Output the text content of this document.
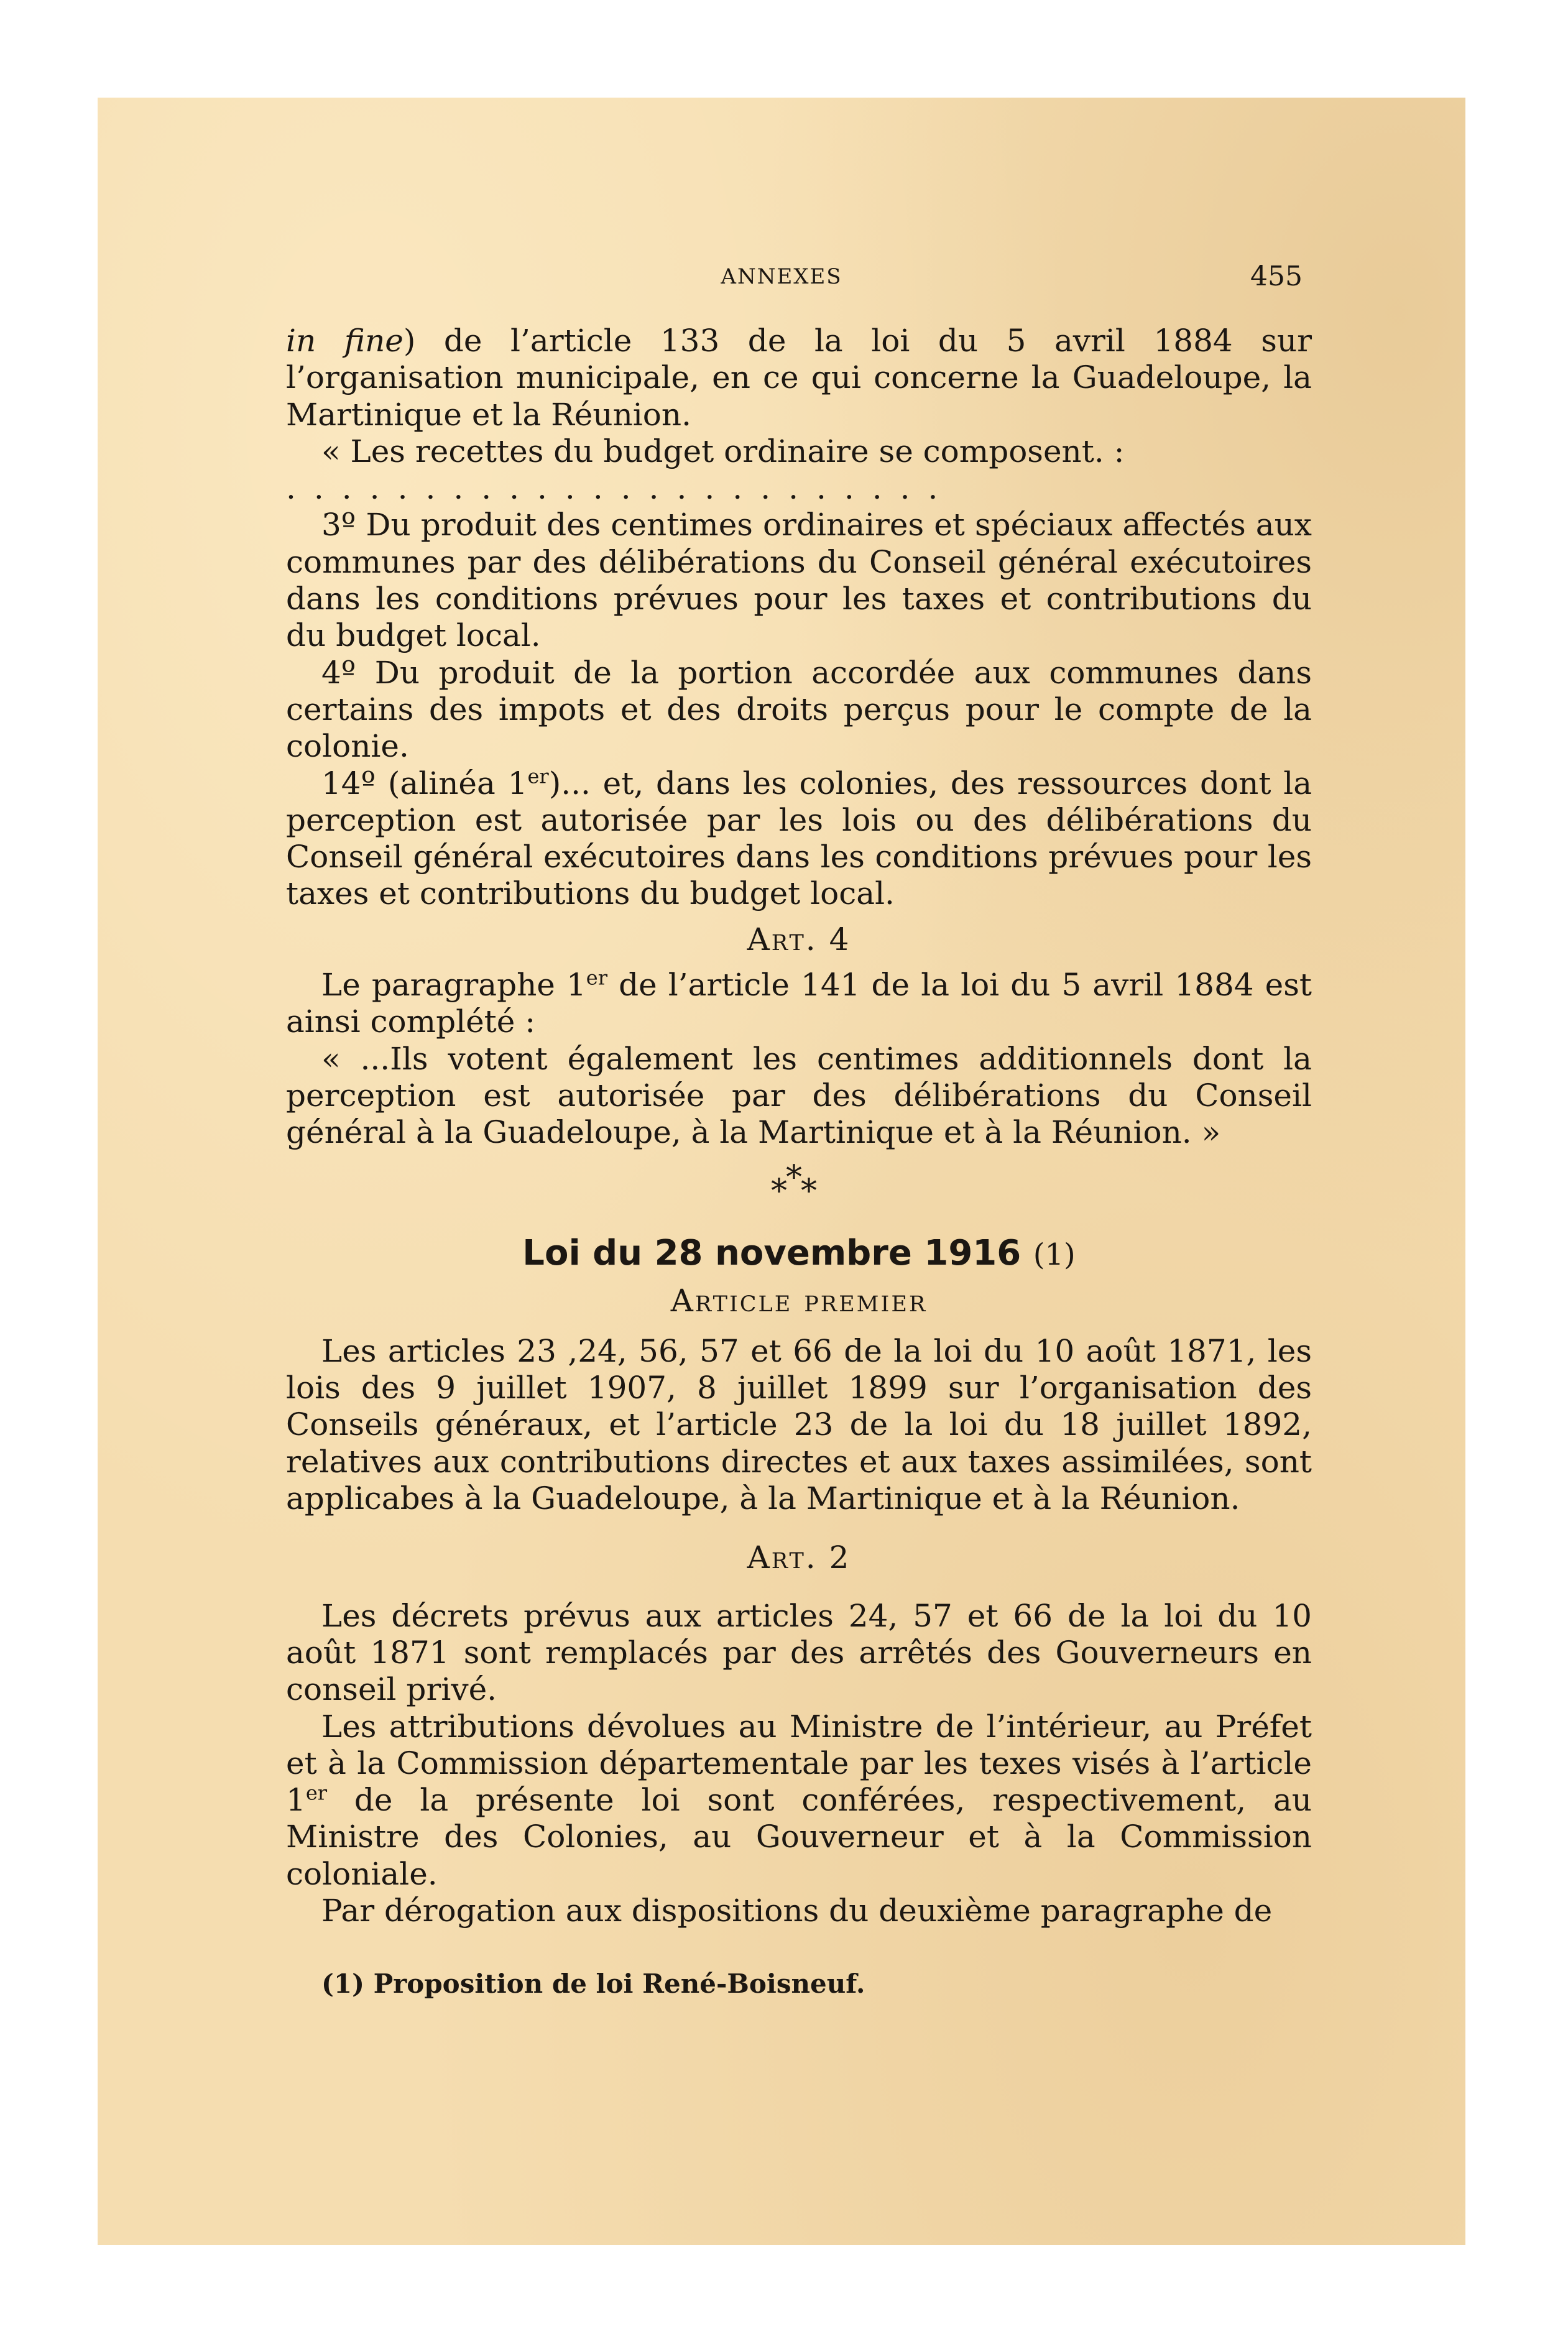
ANNEXES	455

in fine) de l’article 133 de la loi du 5 avril 1884 sur l’organisation municipale, en ce qui concerne la Guadeloupe, la Martinique et la Réunion.

« Les recettes du budget ordinaire se composent. :

........................

3º Du produit des centimes ordinaires et spéciaux affectés aux communes par des délibérations du Conseil général exécutoires dans les conditions prévues pour les taxes et contributions du du budget local.

4º Du produit de la portion accordée aux communes dans certains des impots et des droits perçus pour le compte de la colonie.

14º (alinéa 1er)... et, dans les colonies, des ressources dont la perception est autorisée par les lois ou des délibérations du Conseil général exécutoires dans les conditions prévues pour les taxes et contributions du budget local.

Art. 4

Le paragraphe 1er de l’article 141 de la loi du 5 avril 1884 est ainsi complété :

« ...Ils votent également les centimes additionnels dont la perception est autorisée par des délibérations du Conseil général à la Guadeloupe, à la Martinique et à la Réunion. »

*
* *

Loi du 28 novembre 1916 (1)

Article premier

Les articles 23 ,24, 56, 57 et 66 de la loi du 10 août 1871, les lois des 9 juillet 1907, 8 juillet 1899 sur l’organisation des Conseils généraux, et l’article 23 de la loi du 18 juillet 1892, relatives aux contributions directes et aux taxes assimilées, sont applicabes à la Guadeloupe, à la Martinique et à la Réunion.

Art. 2

Les décrets prévus aux articles 24, 57 et 66 de la loi du 10 août 1871 sont remplacés par des arrêtés des Gouverneurs en conseil privé.

Les attributions dévolues au Ministre de l’intérieur, au Préfet et à la Commission départementale par les texes visés à l’article 1er de la présente loi sont conférées, respectivement, au Ministre des Colonies, au Gouverneur et à la Commission coloniale.

Par dérogation aux dispositions du deuxième paragraphe de

(1) Proposition de loi René-Boisneuf.
